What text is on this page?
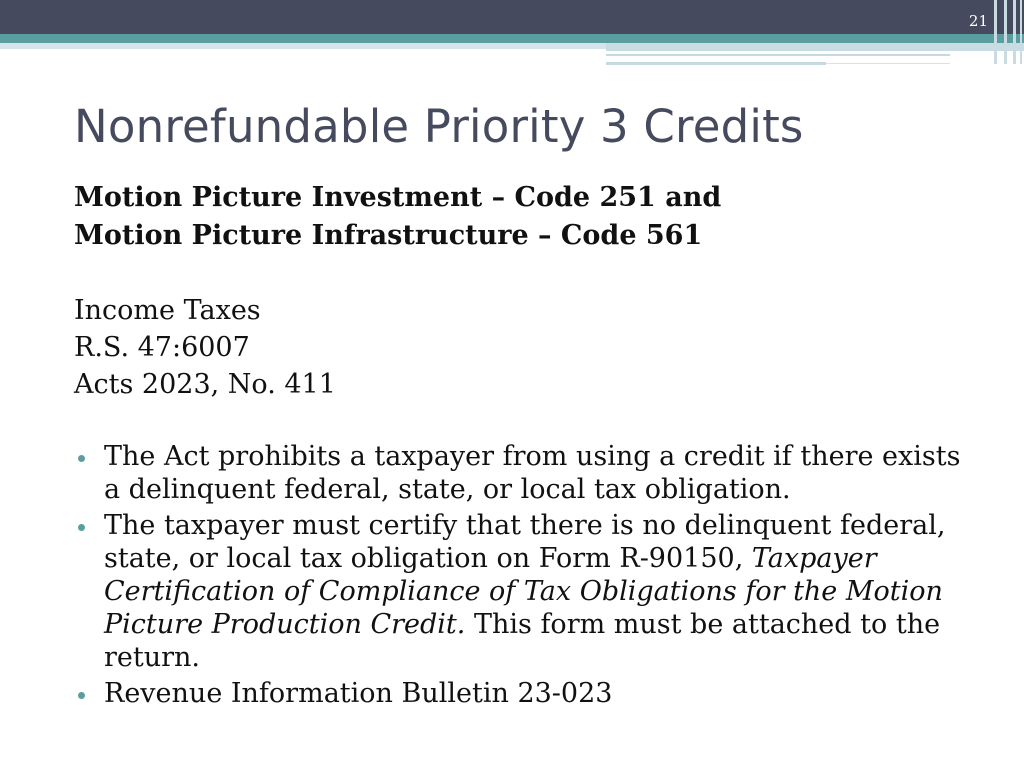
21
Nonrefundable Priority 3 Credits
Motion Picture Investment – Code 251 and
Motion Picture Infrastructure – Code 561
Income Taxes
R.S. 47:6007
Acts 2023, No. 411
The Act prohibits a taxpayer from using a credit if there exists a delinquent federal, state, or local tax obligation.
The taxpayer must certify that there is no delinquent federal, state, or local tax obligation on Form R-90150, Taxpayer Certification of Compliance of Tax Obligations for the Motion Picture Production Credit. This form must be attached to the return.
Revenue Information Bulletin 23-023
